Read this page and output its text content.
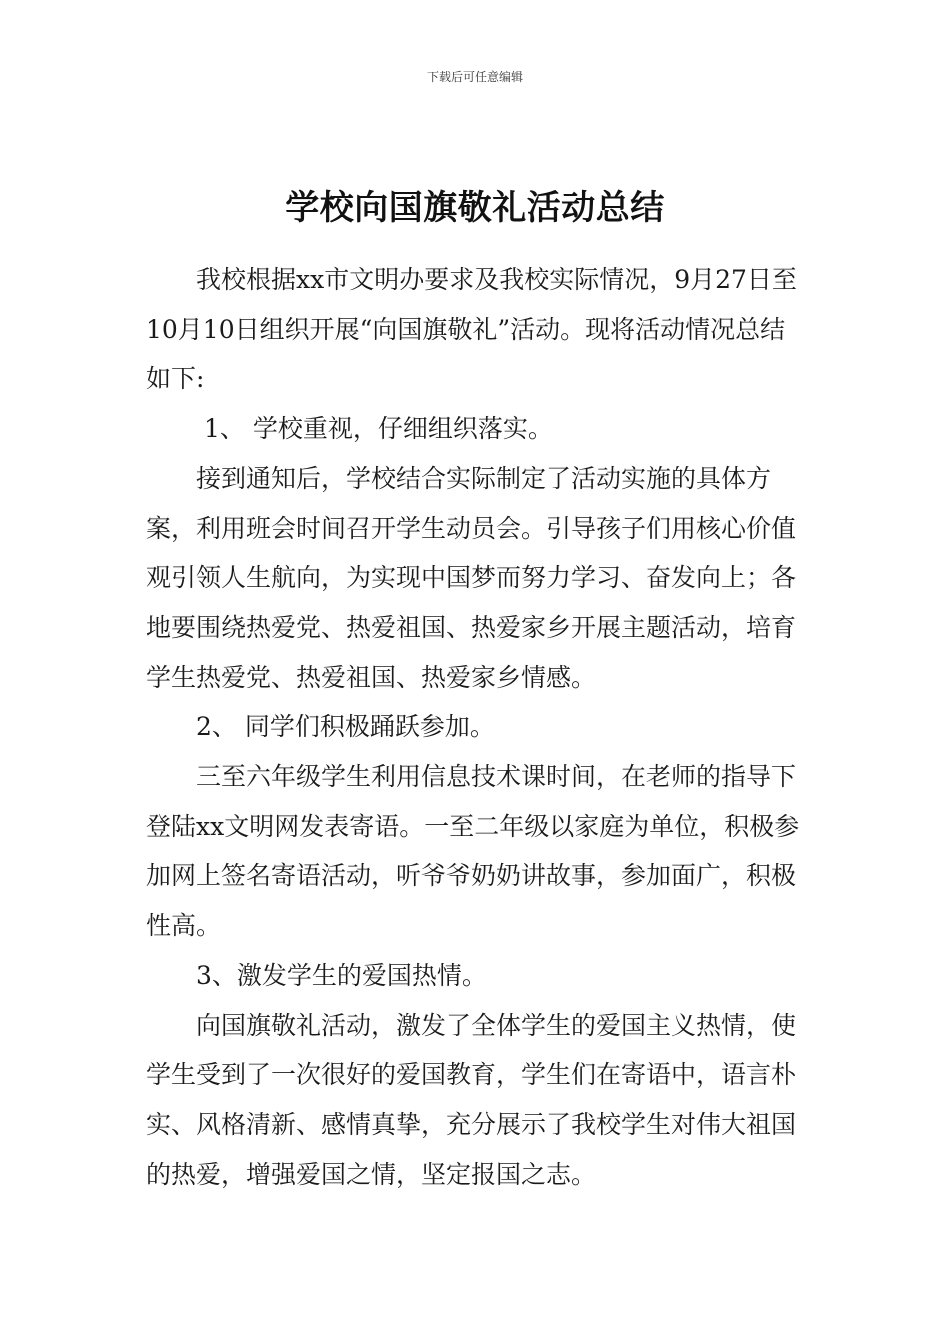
下载后可任意编辑
学校向国旗敬礼活动总结

我校根据xx市文明办要求及我校实际情况，9月27日至10月10日组织开展“向国旗敬礼”活动。现将活动情况总结如下:

1、 学校重视，仔细组织落实。

接到通知后，学校结合实际制定了活动实施的具体方案，利用班会时间召开学生动员会。引导孩子们用核心价值观引领人生航向，为实现中国梦而努力学习、奋发向上；各地要围绕热爱党、热爱祖国、热爱家乡开展主题活动，培育学生热爱党、热爱祖国、热爱家乡情感。

2、 同学们积极踊跃参加。

三至六年级学生利用信息技术课时间，在老师的指导下登陆xx文明网发表寄语。一至二年级以家庭为单位，积极参加网上签名寄语活动，听爷爷奶奶讲故事，参加面广，积极性高。

3、激发学生的爱国热情。

向国旗敬礼活动，激发了全体学生的爱国主义热情，使学生受到了一次很好的爱国教育，学生们在寄语中，语言朴实、风格清新、感情真挚，充分展示了我校学生对伟大祖国的热爱，增强爱国之情，坚定报国之志。
